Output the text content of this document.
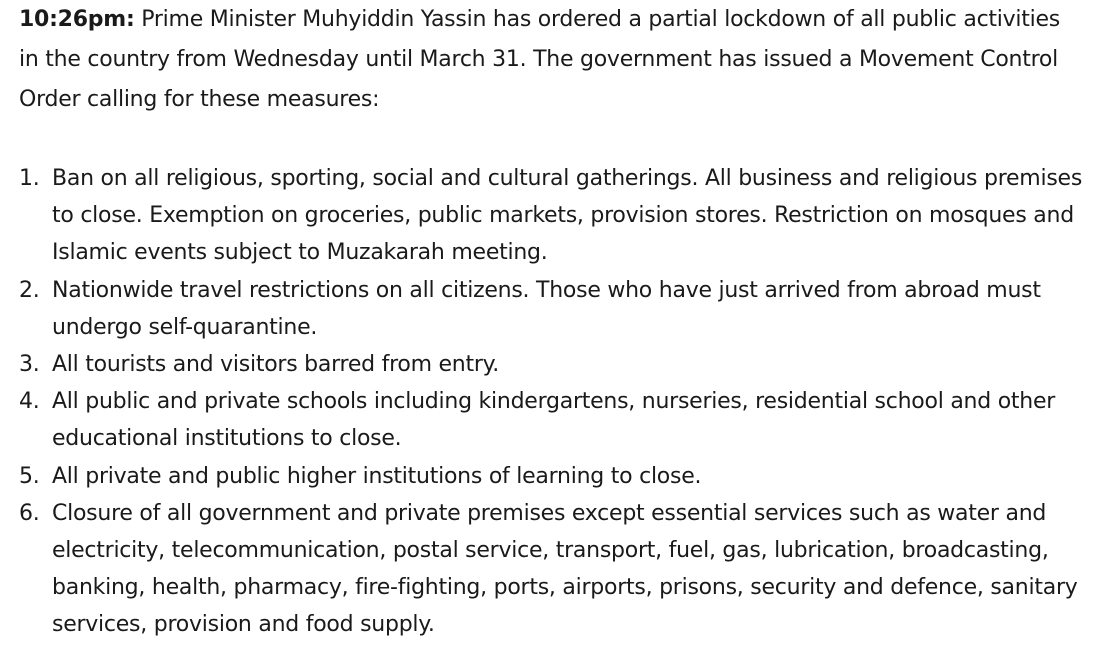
10:26pm: Prime Minister Muhyiddin Yassin has ordered a partial lockdown of all public activities in the country from Wednesday until March 31. The government has issued a Movement Control Order calling for these measures:

1. Ban on all religious, sporting, social and cultural gatherings. All business and religious premises to close. Exemption on groceries, public markets, provision stores. Restriction on mosques and Islamic events subject to Muzakarah meeting.
2. Nationwide travel restrictions on all citizens. Those who have just arrived from abroad must undergo self-quarantine.
3. All tourists and visitors barred from entry.
4. All public and private schools including kindergartens, nurseries, residential school and other educational institutions to close.
5. All private and public higher institutions of learning to close.
6. Closure of all government and private premises except essential services such as water and electricity, telecommunication, postal service, transport, fuel, gas, lubrication, broadcasting, banking, health, pharmacy, fire-fighting, ports, airports, prisons, security and defence, sanitary services, provision and food supply.
